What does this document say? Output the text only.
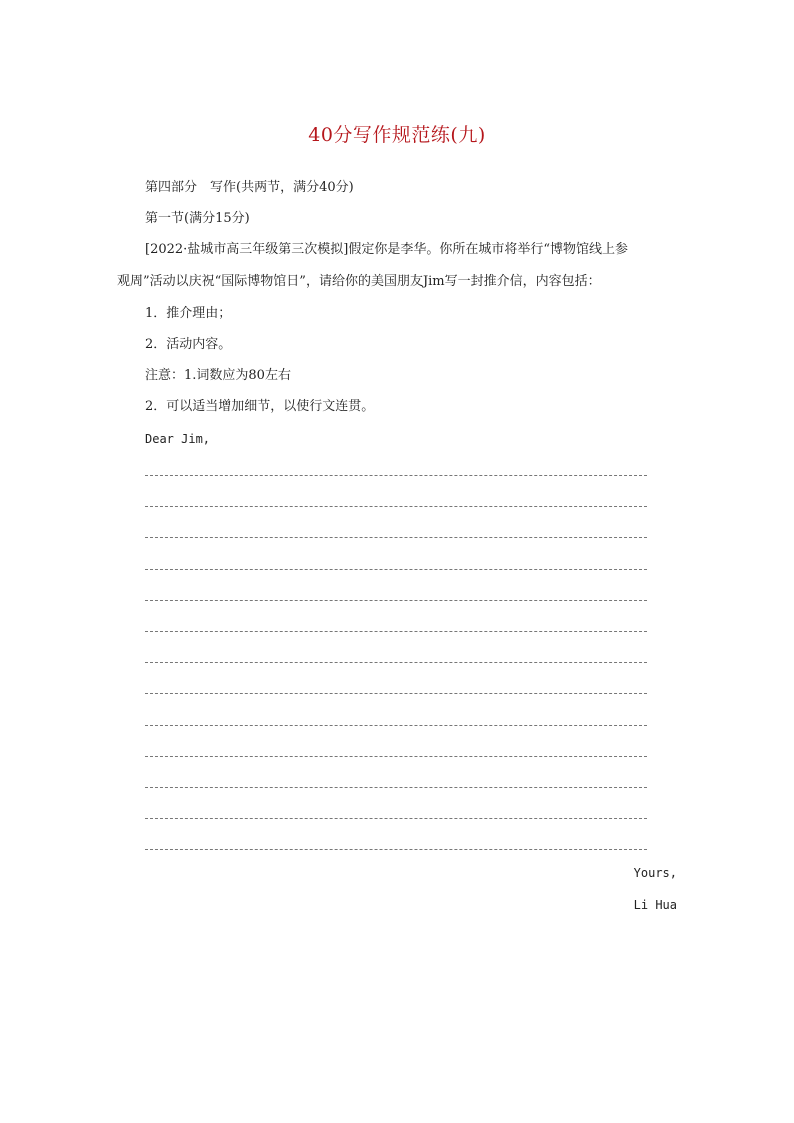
40分写作规范练(九)
第四部分　写作(共两节，满分40分)
第一节(满分15分)
[2022·盐城市高三年级第三次模拟]假定你是李华。你所在城市将举行“博物馆线上参
观周”活动以庆祝“国际博物馆日”，请给你的美国朋友Jim写一封推介信，内容包括：
1．推介理由；
2．活动内容。
注意：1.词数应为80左右
2．可以适当增加细节，以使行文连贯。
Dear Jim,
Yours,
Li Hua
